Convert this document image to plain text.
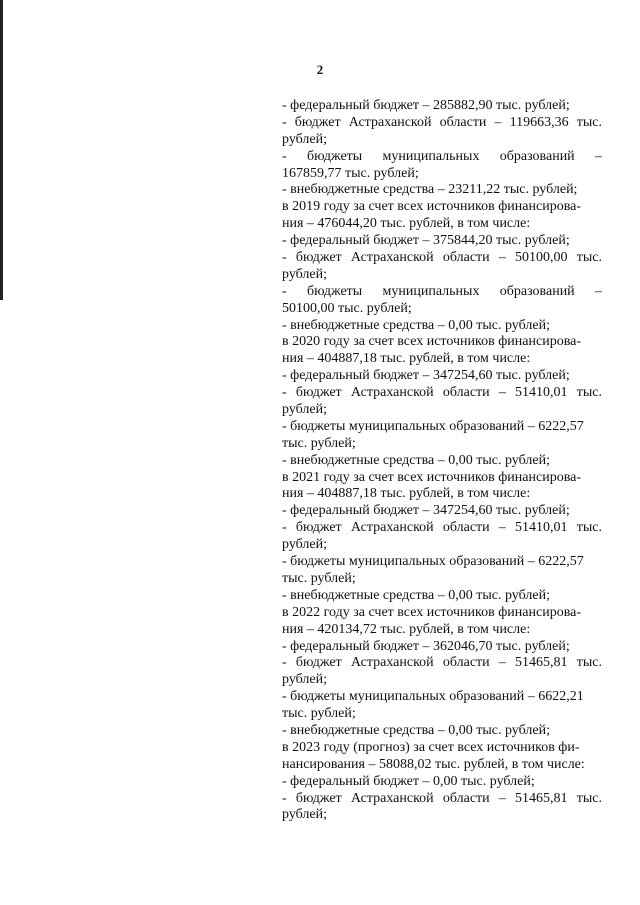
2
- федеральный бюджет – 285882,90 тыс. рублей;
- бюджет Астраханской области – 119663,36 тыс.
рублей;
- бюджеты муниципальных образований –
167859,77 тыс. рублей;
- внебюджетные средства – 23211,22 тыс. рублей;
в 2019 году за счет всех источников финансирова-
ния – 476044,20 тыс. рублей, в том числе:
- федеральный бюджет – 375844,20 тыс. рублей;
- бюджет Астраханской области – 50100,00 тыс.
рублей;
- бюджеты муниципальных образований –
50100,00 тыс. рублей;
- внебюджетные средства – 0,00 тыс. рублей;
в 2020 году за счет всех источников финансирова-
ния – 404887,18 тыс. рублей, в том числе:
- федеральный бюджет – 347254,60 тыс. рублей;
- бюджет Астраханской области – 51410,01 тыс.
рублей;
- бюджеты муниципальных образований – 6222,57
тыс. рублей;
- внебюджетные средства – 0,00 тыс. рублей;
в 2021 году за счет всех источников финансирова-
ния – 404887,18 тыс. рублей, в том числе:
- федеральный бюджет – 347254,60 тыс. рублей;
- бюджет Астраханской области – 51410,01 тыс.
рублей;
- бюджеты муниципальных образований – 6222,57
тыс. рублей;
- внебюджетные средства – 0,00 тыс. рублей;
в 2022 году за счет всех источников финансирова-
ния – 420134,72 тыс. рублей, в том числе:
- федеральный бюджет – 362046,70 тыс. рублей;
- бюджет Астраханской области – 51465,81 тыс.
рублей;
- бюджеты муниципальных образований – 6622,21
тыс. рублей;
- внебюджетные средства – 0,00 тыс. рублей;
в 2023 году (прогноз) за счет всех источников фи-
нансирования – 58088,02 тыс. рублей, в том числе:
- федеральный бюджет – 0,00 тыс. рублей;
- бюджет Астраханской области – 51465,81 тыс.
рублей;
